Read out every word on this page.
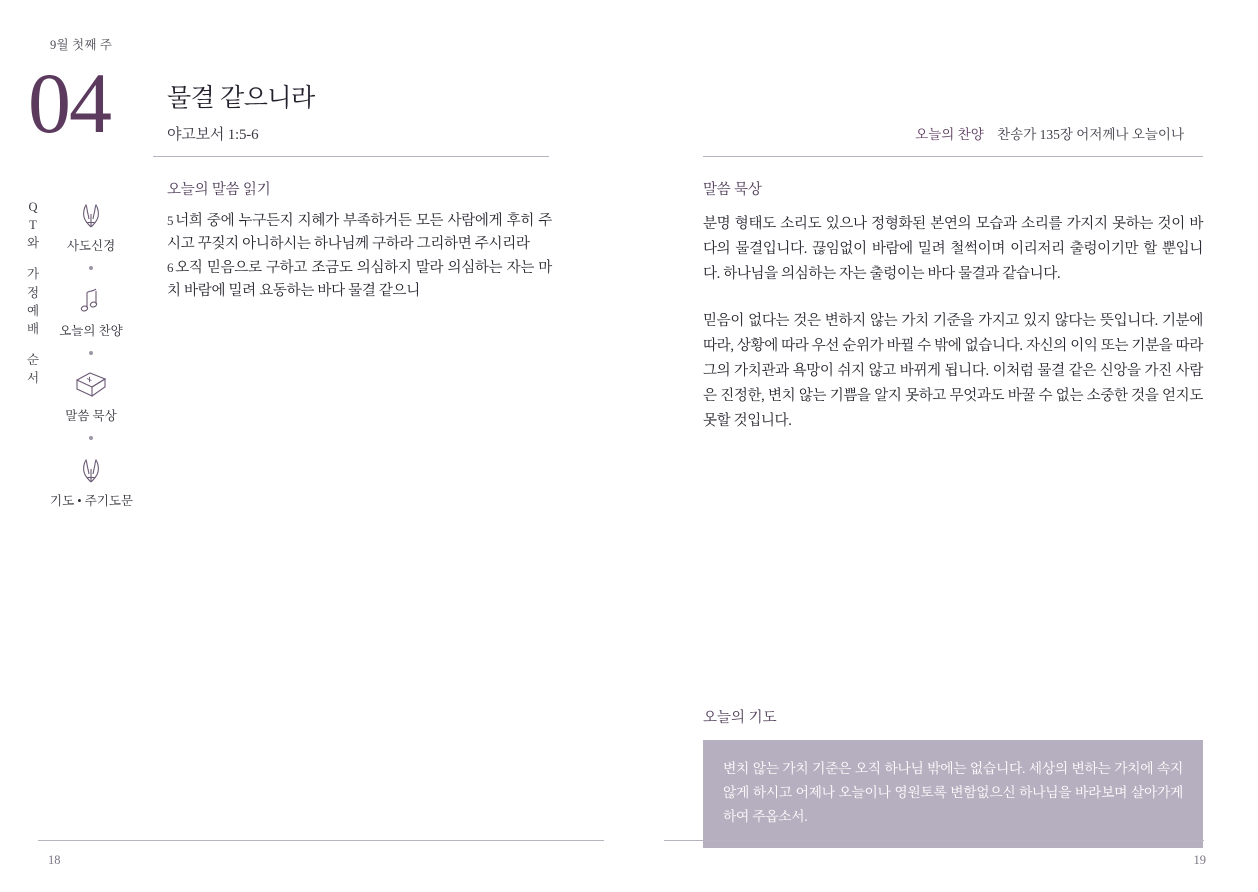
9월 첫째 주
04 물결 같으니라
야고보서 1:5-6	오늘의 찬양 찬송가 135장 어저께나 오늘이나
Q T 와
가 정 예 배
순 서
사도신경
오늘의 찬양
말씀 묵상
기도 • 주기도문
오늘의 말씀 읽기
5 너희 중에 누구든지 지혜가 부족하거든 모든 사람에게 후히 주시고 꾸짖지 아니하시는 하나님께 구하라 그리하면 주시리라
6 오직 믿음으로 구하고 조금도 의심하지 말라 의심하는 자는 마치 바람에 밀려 요동하는 바다 물결 같으니
말씀 묵상
분명 형태도 소리도 있으나 정형화된 본연의 모습과 소리를 가지지 못하는 것이 바다의 물결입니다. 끊임없이 바람에 밀려 철썩이며 이리저리 출렁이기만 할 뿐입니다. 하나님을 의심하는 자는 출렁이는 바다 물결과 같습니다.
믿음이 없다는 것은 변하지 않는 가치 기준을 가지고 있지 않다는 뜻입니다. 기분에 따라, 상황에 따라 우선 순위가 바뀔 수 밖에 없습니다. 자신의 이익 또는 기분을 따라 그의 가치관과 욕망이 쉬지 않고 바뀌게 됩니다. 이처럼 물결 같은 신앙을 가진 사람은 진정한, 변치 않는 기쁨을 알지 못하고 무엇과도 바꿀 수 없는 소중한 것을 얻지도 못할 것입니다.
오늘의 기도
변치 않는 가치 기준은 오직 하나님 밖에는 없습니다. 세상의 변하는 가치에 속지 않게 하시고 어제나 오늘이나 영원토록 변함없으신 하나님을 바라보며 살아가게 하여 주옵소서.
18	19
